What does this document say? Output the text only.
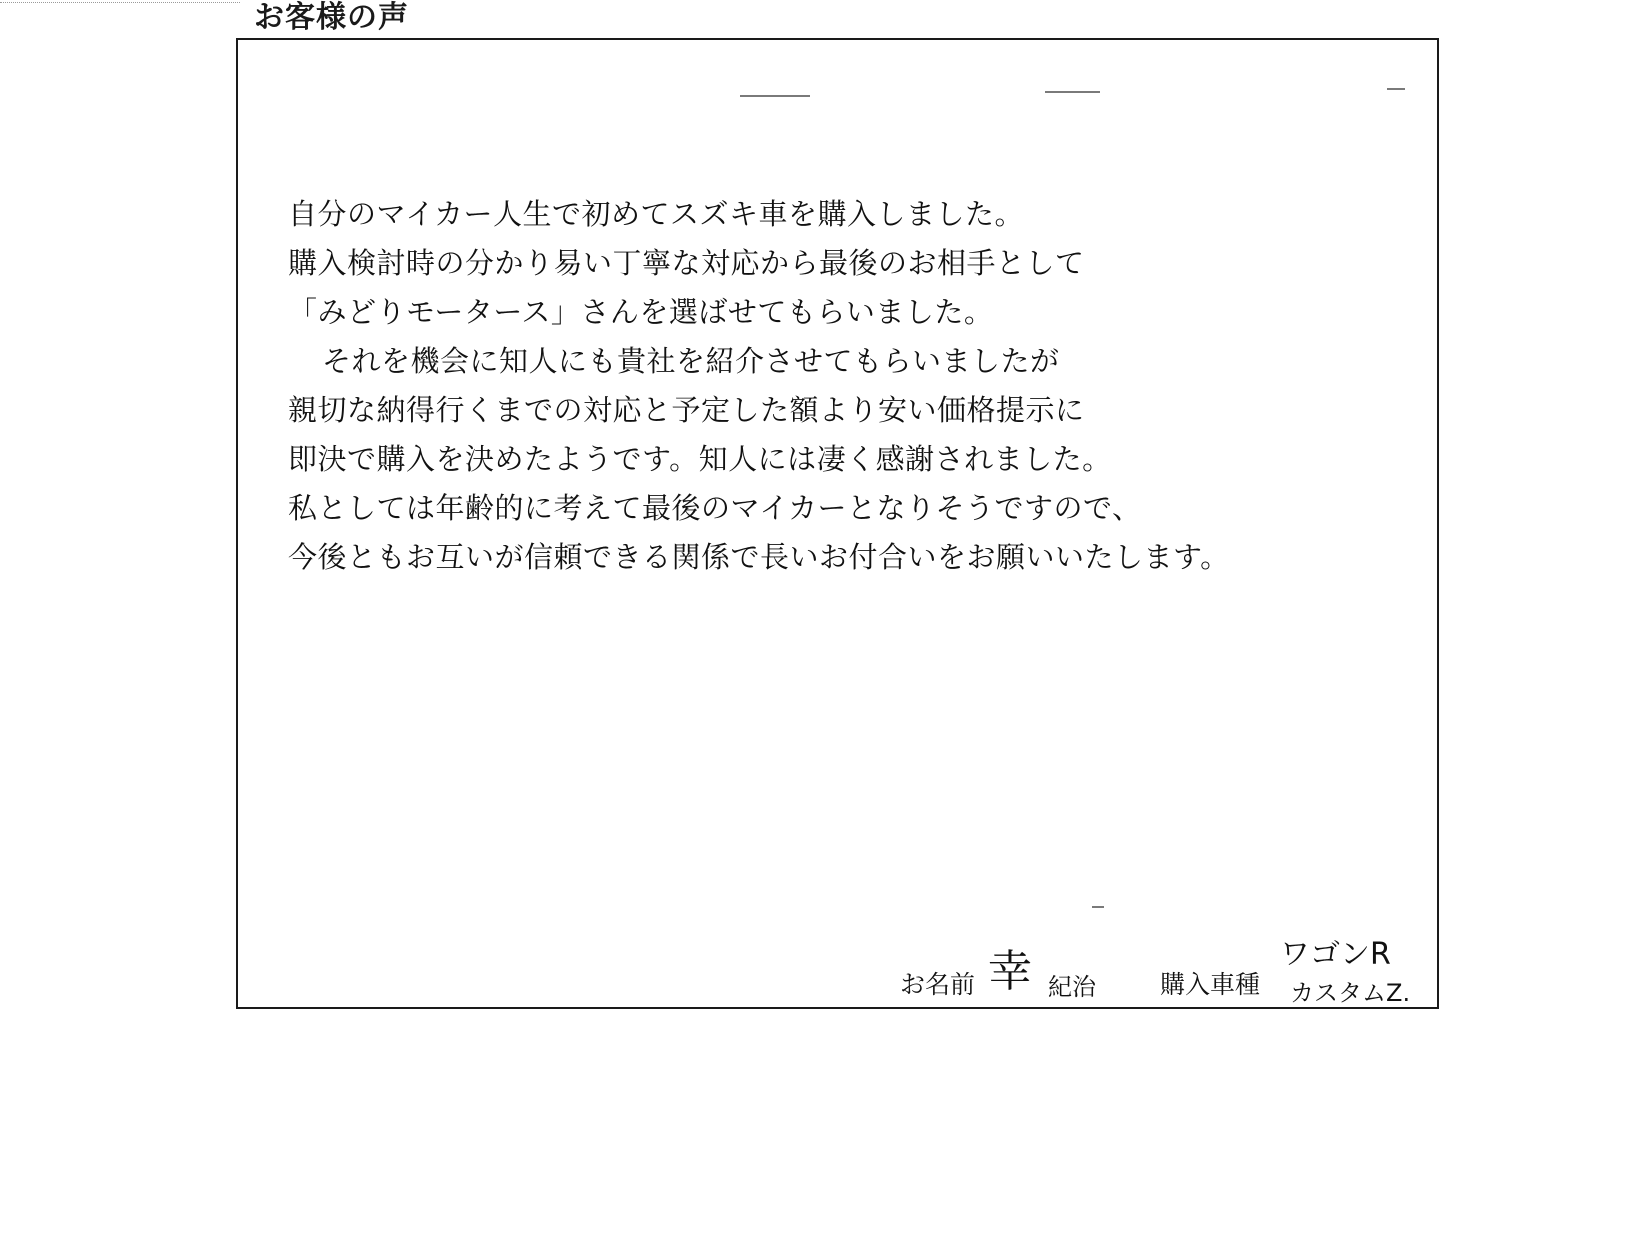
お客様の声
自分のマイカー人生で初めてスズキ車を購入しました。
購入検討時の分かり易い丁寧な対応から最後のお相手として
「みどりモータース」さんを選ばせてもらいました。
それを機会に知人にも貴社を紹介させてもらいましたが
親切な納得行くまでの対応と予定した額より安い価格提示に
即決で購入を決めたようです。知人には凄く感謝されました。
私としては年齢的に考えて最後のマイカーとなりそうですので、
今後ともお互いが信頼できる関係で長いお付合いをお願いいたします。
お名前 幸 紀治	購入車種
ワゴンR
カスタムZ.
